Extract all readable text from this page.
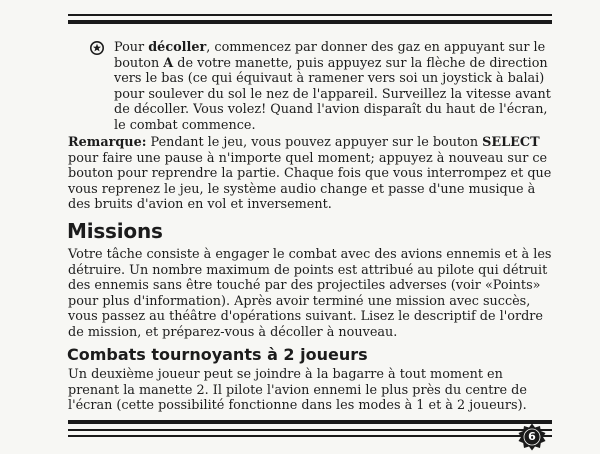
Pour décoller, commencez par donner des gaz en appuyant sur le
bouton A de votre manette, puis appuyez sur la flèche de direction
vers le bas (ce qui équivaut à ramener vers soi un joystick à balai)
pour soulever du sol le nez de l'appareil. Surveillez la vitesse avant
de décoller. Vous volez! Quand l'avion disparaît du haut de l'écran,
le combat commence.

Remarque: Pendant le jeu, vous pouvez appuyer sur le bouton SELECT
pour faire une pause à n'importe quel moment; appuyez à nouveau sur ce
bouton pour reprendre la partie. Chaque fois que vous interrompez et que
vous reprenez le jeu, le système audio change et passe d'une musique à
des bruits d'avion en vol et inversement.

Missions

Votre tâche consiste à engager le combat avec des avions ennemis et à les
détruire. Un nombre maximum de points est attribué au pilote qui détruit
des ennemis sans être touché par des projectiles adverses (voir «Points»
pour plus d'information). Après avoir terminé une mission avec succès,
vous passez au théâtre d'opérations suivant. Lisez le descriptif de l'ordre
de mission, et préparez-vous à décoller à nouveau.

Combats tournoyants à 2 joueurs

Un deuxième joueur peut se joindre à la bagarre à tout moment en
prenant la manette 2. Il pilote l'avion ennemi le plus près du centre de
l'écran (cette possibilité fonctionne dans les modes à 1 et à 2 joueurs).

6
